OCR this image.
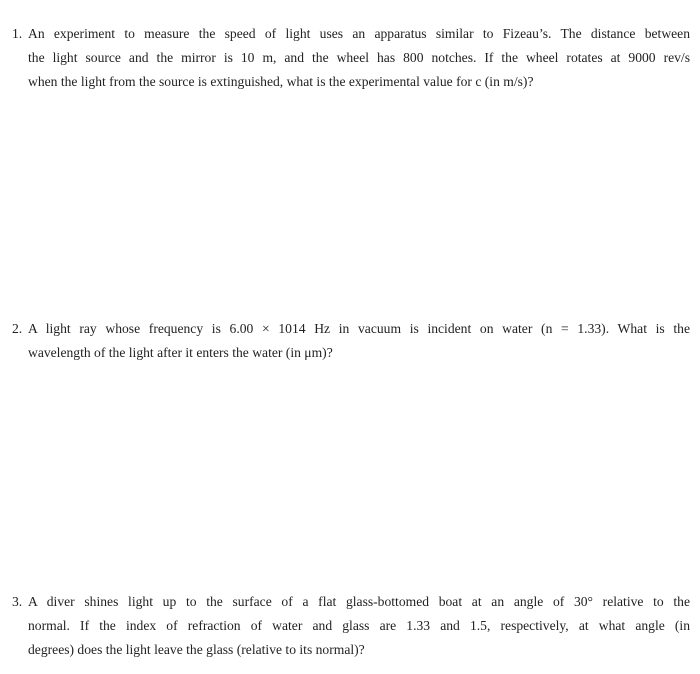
1. An experiment to measure the speed of light uses an apparatus similar to Fizeau’s. The distance between
the light source and the mirror is 10 m, and the wheel has 800 notches. If the wheel rotates at 9000 rev/s
when the light from the source is extinguished, what is the experimental value for c (in m/s)?
2. A light ray whose frequency is 6.00 × 1014 Hz in vacuum is incident on water (n = 1.33). What is the
wavelength of the light after it enters the water (in μm)?
3. A diver shines light up to the surface of a flat glass-bottomed boat at an angle of 30° relative to the
normal. If the index of refraction of water and glass are 1.33 and 1.5, respectively, at what angle (in
degrees) does the light leave the glass (relative to its normal)?
